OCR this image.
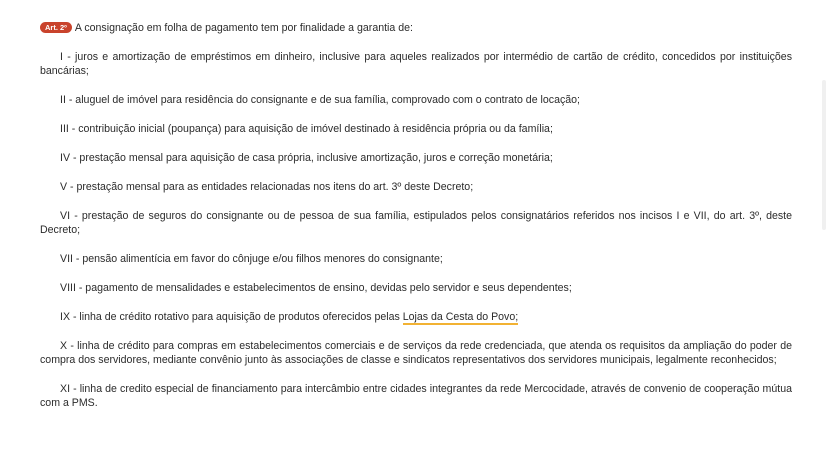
Art. 2º A consignação em folha de pagamento tem por finalidade a garantia de:

I - juros e amortização de empréstimos em dinheiro, inclusive para aqueles realizados por intermédio de cartão de crédito, concedidos por instituições bancárias;

II - aluguel de imóvel para residência do consignante e de sua família, comprovado com o contrato de locação;

III - contribuição inicial (poupança) para aquisição de imóvel destinado à residência própria ou da família;

IV - prestação mensal para aquisição de casa própria, inclusive amortização, juros e correção monetária;

V - prestação mensal para as entidades relacionadas nos itens do art. 3º deste Decreto;

VI - prestação de seguros do consignante ou de pessoa de sua família, estipulados pelos consignatários referidos nos incisos I e VII, do art. 3º, deste Decreto;

VII - pensão alimentícia em favor do cônjuge e/ou filhos menores do consignante;

VIII - pagamento de mensalidades e estabelecimentos de ensino, devidas pelo servidor e seus dependentes;

IX - linha de crédito rotativo para aquisição de produtos oferecidos pelas Lojas da Cesta do Povo;

X - linha de crédito para compras em estabelecimentos comerciais e de serviços da rede credenciada, que atenda os requisitos da ampliação do poder de compra dos servidores, mediante convênio junto às associações de classe e sindicatos representativos dos servidores municipais, legalmente reconhecidos;

XI - linha de credito especial de financiamento para intercâmbio entre cidades integrantes da rede Mercocidade, através de convenio de cooperação mútua com a PMS.
